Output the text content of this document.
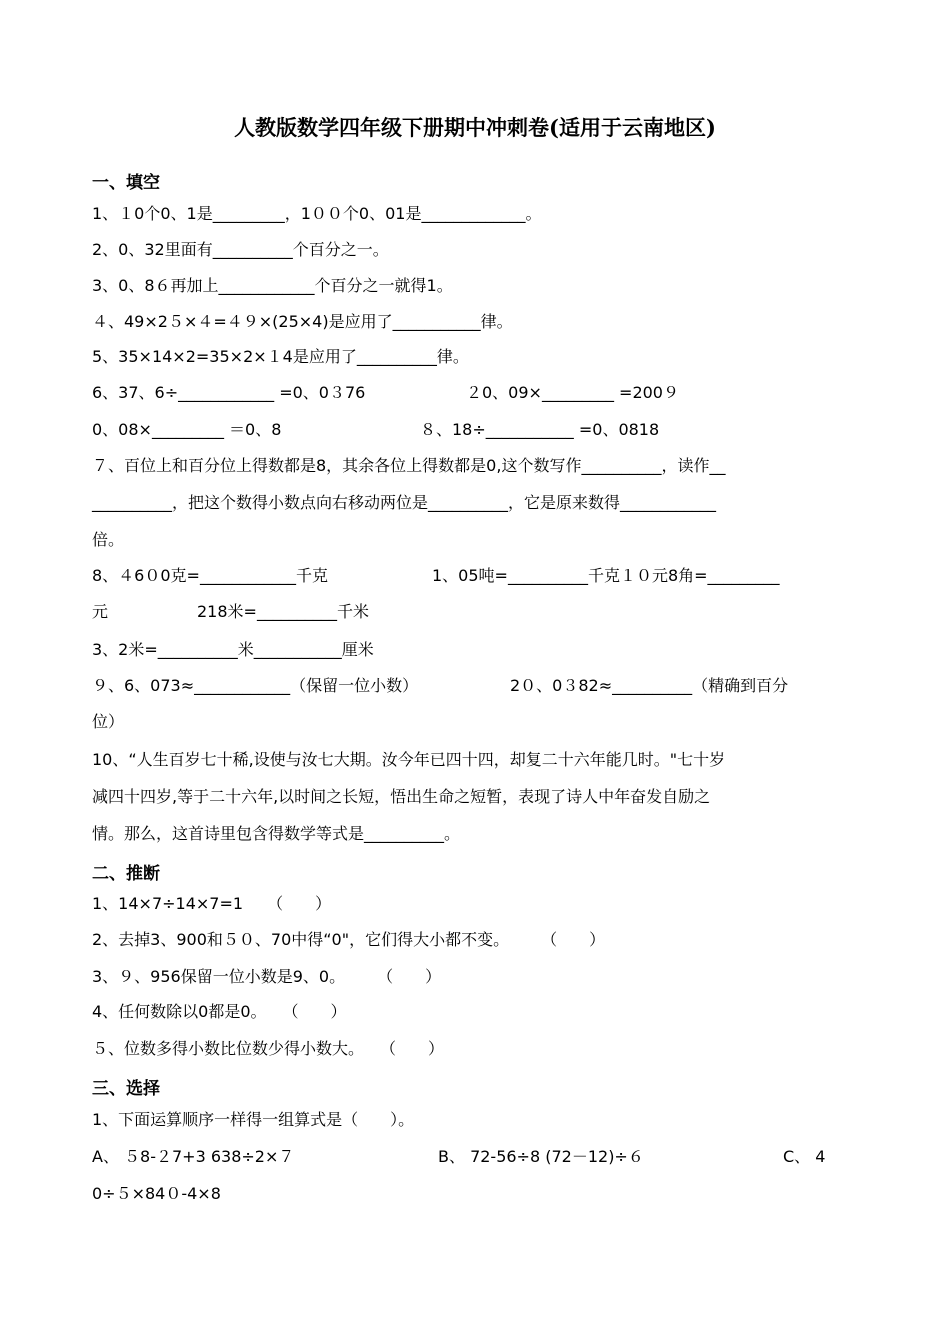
人教版数学四年级下册期中冲刺卷(适用于云南地区)
一、填空
1、１0个0、1是_________，1００个0、01是_____________。
2、0、32里面有__________个百分之一。
3、0、8６再加上____________个百分之一就得1。
４、49×2５×４=４９×(25×4)是应用了___________律。
5、35×14×2=35×2×１4是应用了__________律。
6、37、6÷____________ =0、0３76	２0、09×_________ =200９
0、08×_________ ＝0、8	８、18÷___________ =0、0818
７、百位上和百分位上得数都是8，其余各位上得数都是0,这个数写作__________，读作__
__________，把这个数得小数点向右移动两位是__________，它是原来数得____________
倍。
8、４6０0克=____________千克	1、05吨=__________千克１０元8角=_________
元	218米=__________千米
3、2米=__________米___________厘米
９、6、073≈____________（保留一位小数）	2０、0３82≈__________（精确到百分
位）
10、“人生百岁七十稀,设使与汝七大期。汝今年已四十四，却复二十六年能几时。"七十岁
减四十四岁,等于二十六年,以时间之长短，悟出生命之短暂，表现了诗人中年奋发自励之
情。那么，这首诗里包含得数学等式是__________。
二、推断
1、14×7÷14×7=1　　（　　）
2、去掉3、900和５０、70中得“0"，它们得大小都不变。　　　（　　）
3、９、956保留一位小数是9、0。　　　（　　）
4、任何数除以0都是0。　　（　　）
５、位数多得小数比位数少得小数大。　　（　　）
三、选择
1、下面运算顺序一样得一组算式是（　　）。
A、 ５8-２7+3 638÷2×７	B、 72-56÷8 (72－12)÷６	C、 4
0÷５×84０-4×8
